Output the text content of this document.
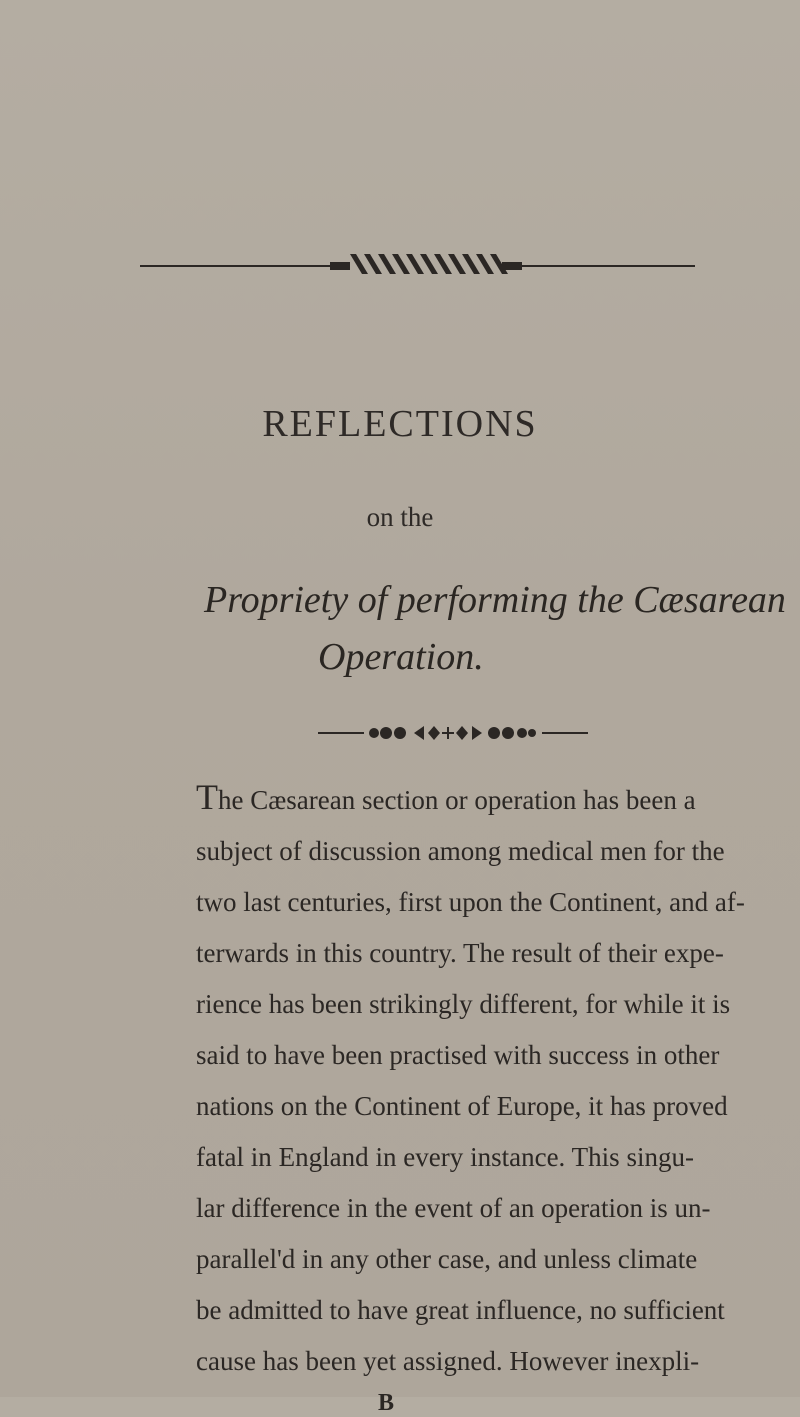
REFLECTIONS
on the
Propriety of performing the Cæsarean
Operation.
The Cæsarean section or operation has been a
subject of discussion among medical men for the
two last centuries, first upon the Continent, and af-
terwards in this country. The result of their expe-
rience has been strikingly different, for while it is
said to have been practised with success in other
nations on the Continent of Europe, it has proved
fatal in England in every instance. This singu-
lar difference in the event of an operation is un-
parallel'd in any other case, and unless climate
be admitted to have great influence, no sufficient
cause has been yet assigned. However inexpli-
B
